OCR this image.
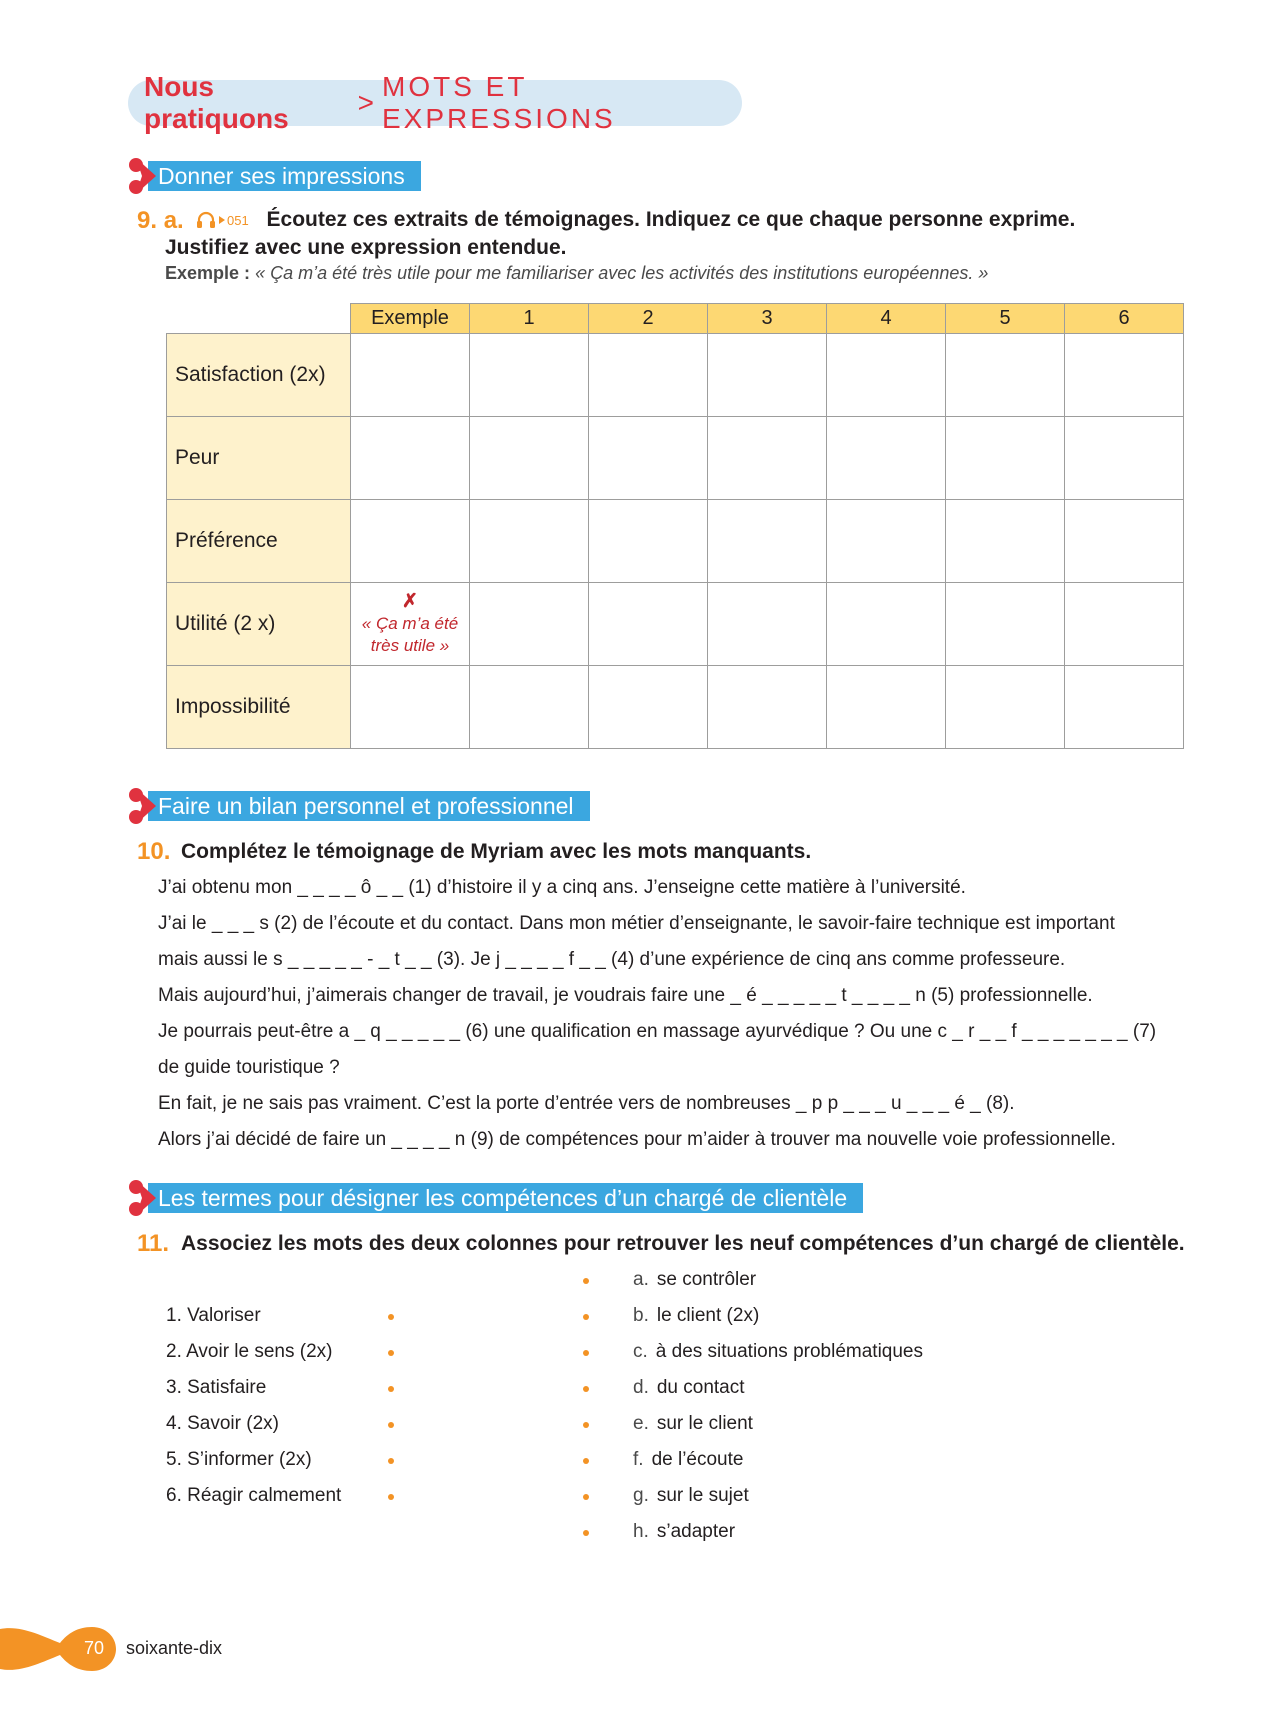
Nous pratiquons
>
MOTS ET EXPRESSIONS
Donner ses impressions
9. a.	051 Écoutez ces extraits de témoignages. Indiquez ce que chaque personne exprime.
Justifiez avec une expression entendue.
Exemple : « Ça m’a été très utile pour me familiariser avec les activités des institutions européennes. »
	Exemple	1	2	3	4	5	6
Satisfaction (2x)							
Peur							
Préférence							
Utilité (2 x)	✗
« Ça m’a été
très utile »						

Impossibilité							
Faire un bilan personnel et professionnel
10. Complétez le témoignage de Myriam avec les mots manquants.
J’ai obtenu mon _ _ _ _ ô _ _ (1) d’histoire il y a cinq ans. J’enseigne cette matière à l’université.
J’ai le _ _ _ s (2) de l’écoute et du contact. Dans mon métier d’enseignante, le savoir-faire technique est important
mais aussi le s _ _ _ _ _ - _ t _ _ (3). Je j _ _ _ _ f _ _ (4) d’une expérience de cinq ans comme professeure.
Mais aujourd’hui, j’aimerais changer de travail, je voudrais faire une _ é _ _ _ _ _ t _ _ _ _ n (5) professionnelle.
Je pourrais peut-être a _ q _ _ _ _ _ (6) une qualification en massage ayurvédique ? Ou une c _ r _ _ f _ _ _ _ _ _ _ (7)
de guide touristique ?
En fait, je ne sais pas vraiment. C’est la porte d’entrée vers de nombreuses _ p p _ _ _ u _ _ _ é _ (8).
Alors j’ai décidé de faire un _ _ _ _ n (9) de compétences pour m’aider à trouver ma nouvelle voie professionnelle.
Les termes pour désigner les compétences d’un chargé de clientèle
11. Associez les mots des deux colonnes pour retrouver les neuf compétences d’un chargé de clientèle.
1. Valoriser
2. Avoir le sens (2x)
3. Satisfaire
4. Savoir (2x)
5. S’informer (2x)
6. Réagir calmement
a. se contrôler
b. le client (2x)
c. à des situations problématiques
d. du contact
e. sur le client
f. de l’écoute
g. sur le sujet
h. s’adapter
70 soixante-dix
